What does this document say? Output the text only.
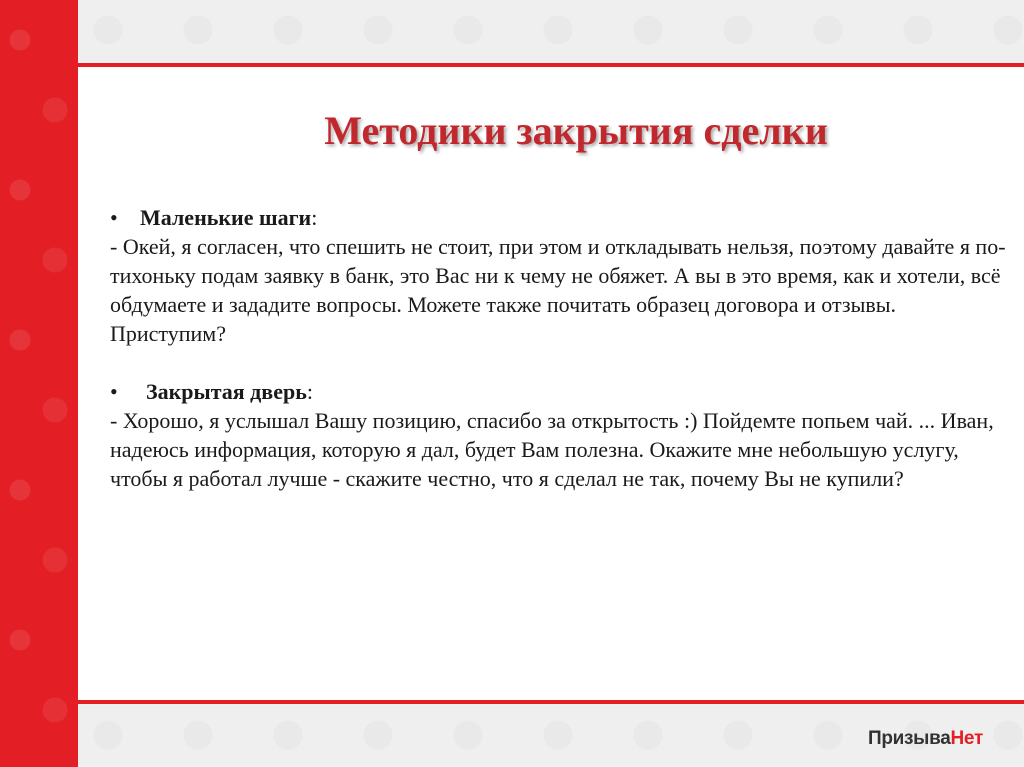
Методики закрытия сделки

• Маленькие шаги:

- Окей, я согласен, что спешить не стоит, при этом и откладывать нельзя, поэтому давайте я по-тихоньку подам заявку в банк, это Вас ни к чему не обяжет. А вы в это время, как и хотели, всё обдумаете и зададите вопросы. Можете также почитать образец договора и отзывы. Приступим?

• Закрытая дверь:

- Хорошо, я услышал Вашу позицию, спасибо за открытость :) Пойдемте попьем чай. ... Иван, надеюсь информация, которую я дал, будет Вам полезна. Окажите мне небольшую услугу, чтобы я работал лучше - скажите честно, что я сделал не так, почему Вы не купили?

ПризываНет
